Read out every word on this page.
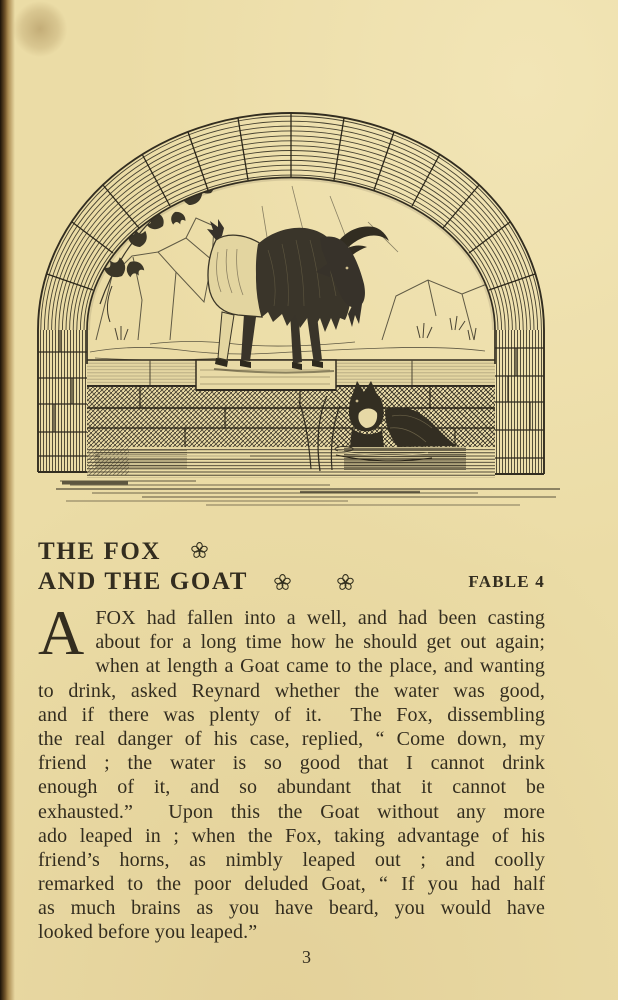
THE FOX
AND THE GOAT	FABLE 4
A FOX had fallen into a well, and had been casting
about for a long time how he should get out again;
when at length a Goat came to the place, and wanting
to drink, asked Reynard whether the water was good,
and if there was plenty of it.  The Fox, dissembling
the real danger of his case, replied, “ Come down, my
friend ; the water is so good that I cannot drink
enough of it, and so abundant that it cannot be
exhausted.”  Upon this the Goat without any more
ado leaped in ; when the Fox, taking advantage of his
friend’s horns, as nimbly leaped out ; and coolly
remarked to the poor deluded Goat, “ If you had half
as much brains as you have beard, you would have
looked before you leaped.”
3
